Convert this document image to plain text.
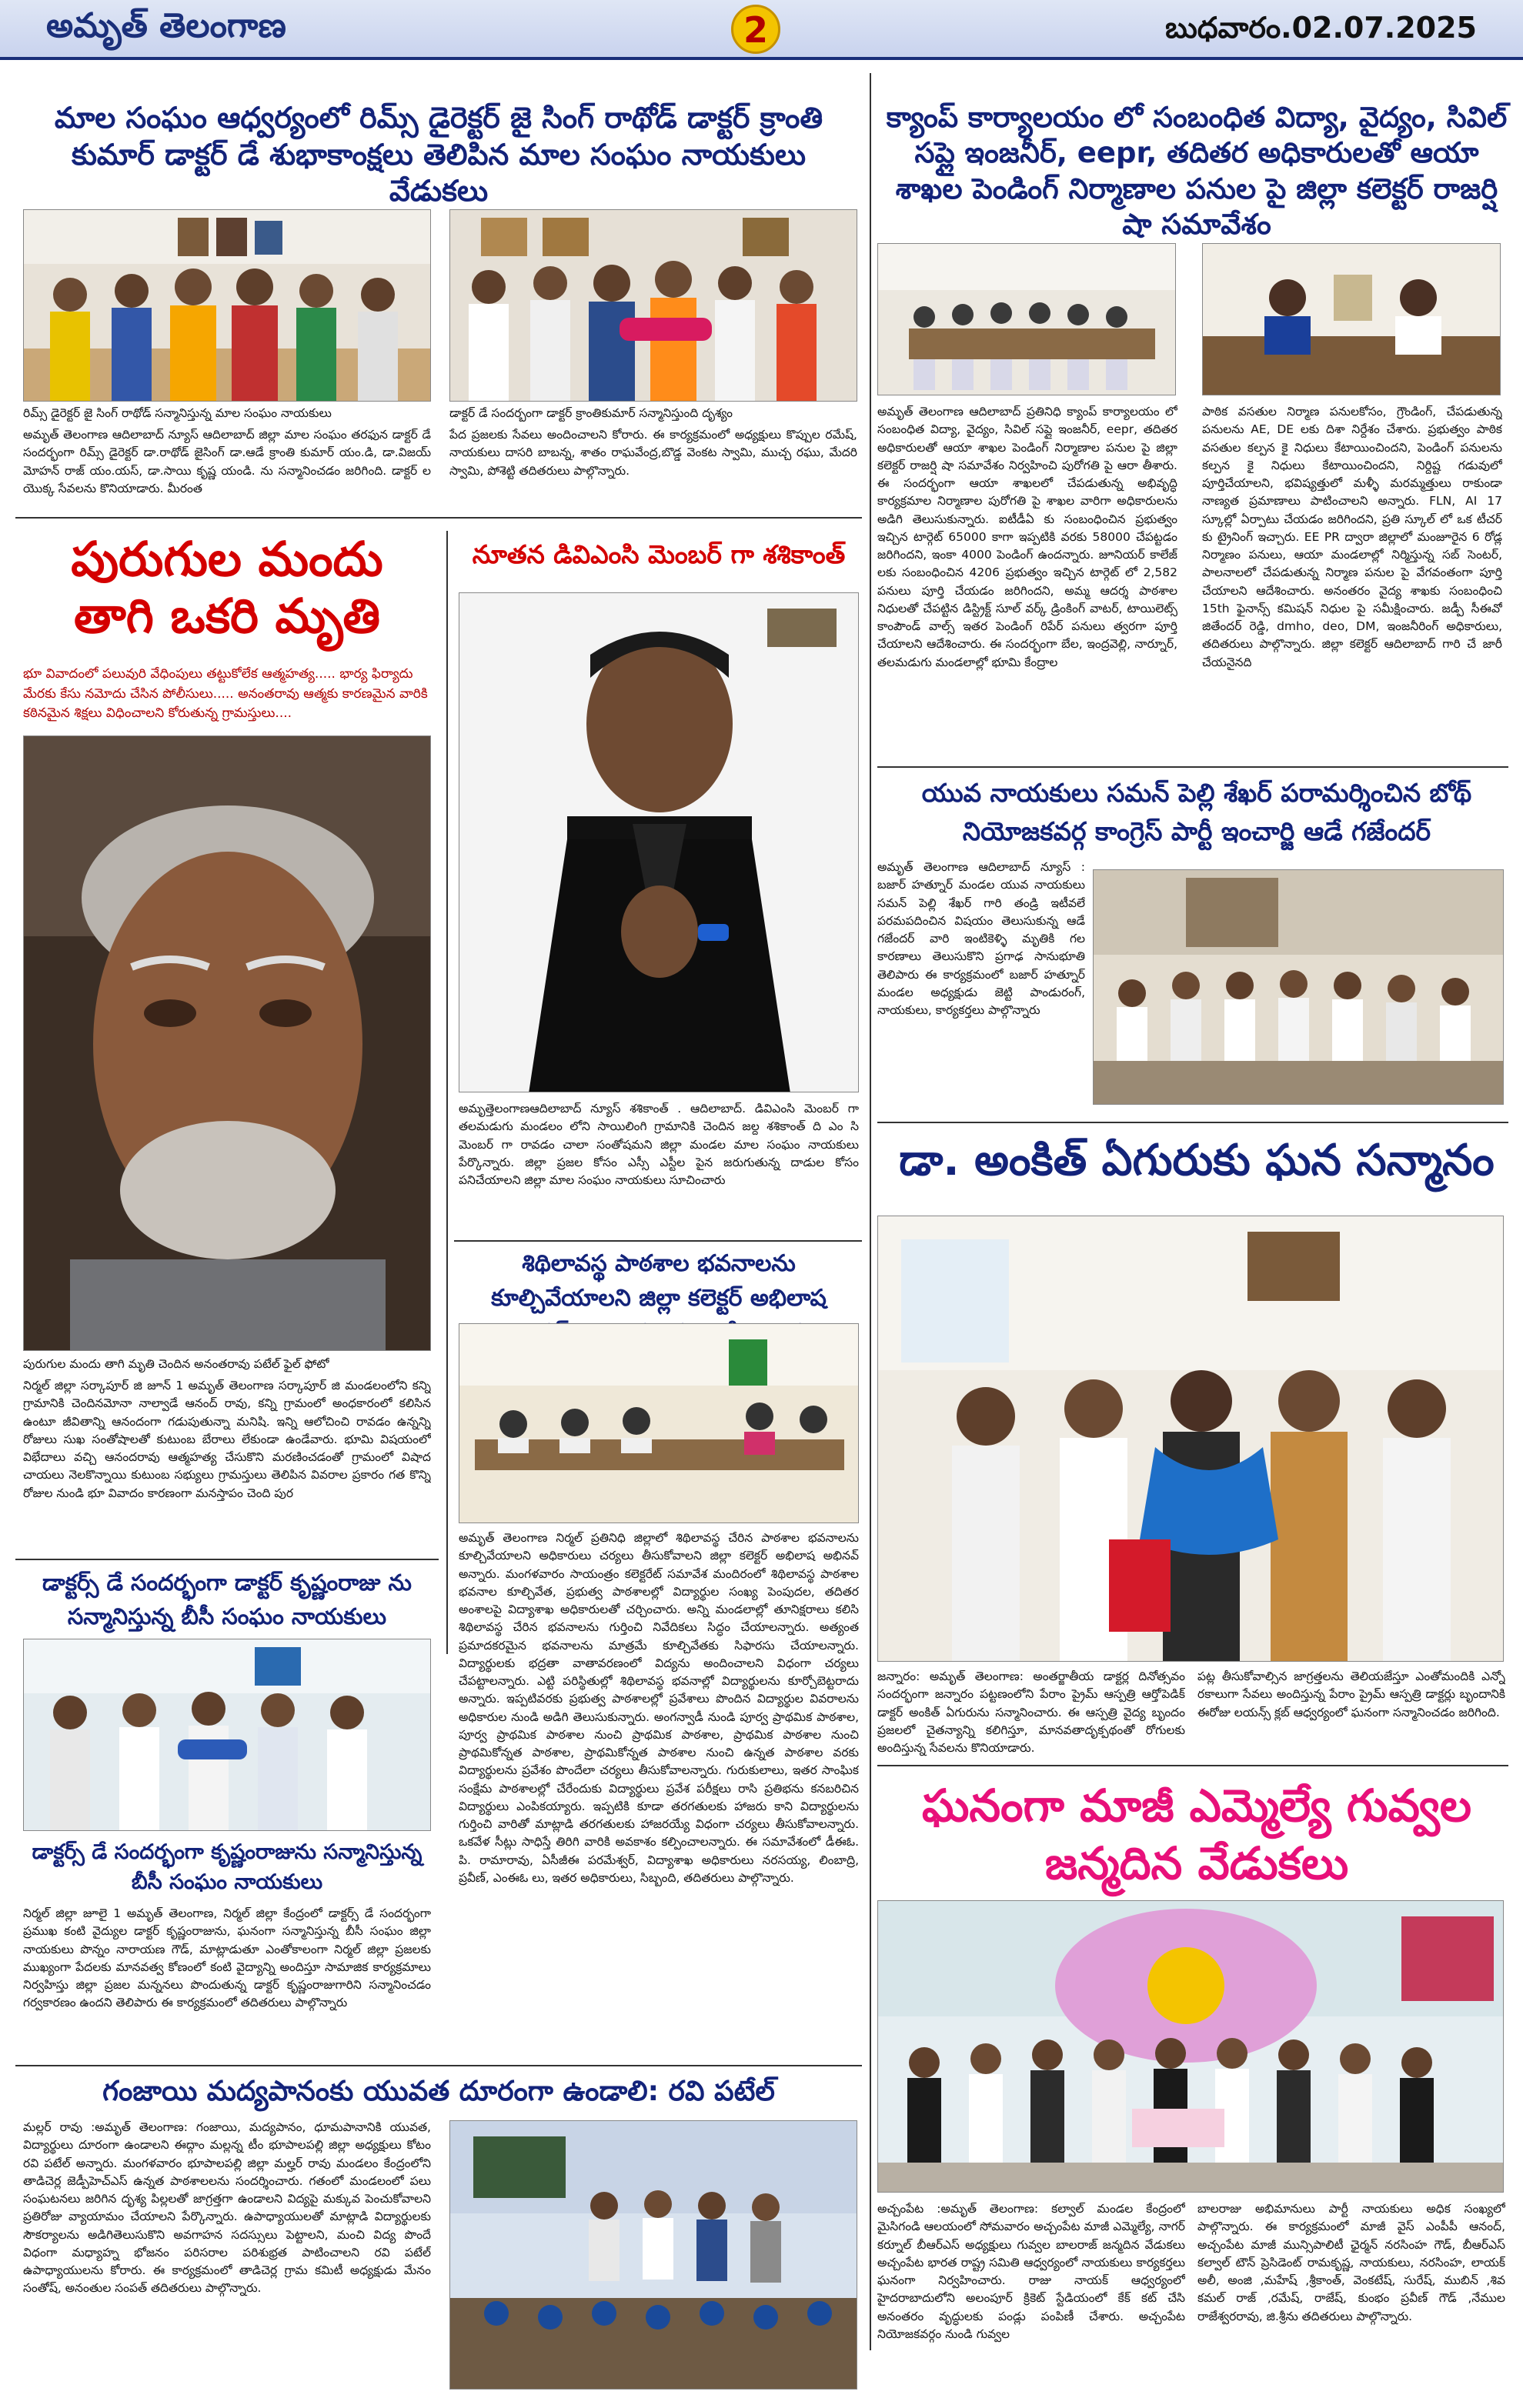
అమృత్ తెలంగాణ	2	బుధవారం.02.07.2025
మాల సంఘం ఆధ్వర్యంలో రిమ్స్ డైరెక్టర్ జై సింగ్ రాథోడ్ డాక్టర్ క్రాంతి కుమార్ డాక్టర్ డే శుభాకాంక్షలు తెలిపిన మాల సంఘం నాయకులు వేడుకలు
రిమ్స్ డైరెక్టర్ జై సింగ్ రాథోడ్ సన్మానిస్తున్న మాల సంఘం నాయకులు	డాక్టర్ డే సందర్భంగా డాక్టర్ క్రాంతికుమార్ సన్మానిస్తుంది దృశ్యం
అమృత్ తెలంగాణ ఆదిలాబాద్ న్యూస్ ఆదిలాబాద్ జిల్లా మాల సంఘం తరఫున డాక్టర్ డే సందర్భంగా రిమ్స్ డైరెక్టర్ డా.రాథోడ్ జైసింగ్ డా.ఆడే క్రాంతి కుమార్ యం.డి, డా.విజయ్ మోహన్ రాజ్ యం.యస్, డా.సాయి కృష్ణ యండి. ను సన్మానించడం జరిగింది. డాక్టర్ ల యొక్క సేవలను కొనియాడారు. మీరంత
పేద ప్రజలకు సేవలు అందించాలని కోరారు. ఈ కార్యక్రమంలో అధ్యక్షులు కొప్పుల రమేష్, నాయకులు దాసరి బాబన్న, శాతం రాఘవేంద్ర,బొడ్డ వెంకట స్వామి, ముచ్చ రఘు, మేదరి స్వామి, పోశెట్టి తదితరులు పాల్గొన్నారు.
క్యాంప్ కార్యాలయం లో సంబంధిత విద్యా, వైద్యం, సివిల్ సప్లై ఇంజనీర్, eepr, తదితర అధికారులతో ఆయా శాఖల పెండింగ్ నిర్మాణాల పనుల పై జిల్లా కలెక్టర్ రాజర్షి షా సమావేశం
అమృత్ తెలంగాణ ఆదిలాబాద్ ప్రతినిధి క్యాంప్ కార్యాలయం లో సంబంధిత విద్యా, వైద్యం, సివిల్ సప్లై ఇంజనీర్, eepr, తదితర అధికారులతో ఆయా శాఖల పెండింగ్ నిర్మాణాల పనుల పై జిల్లా కలెక్టర్ రాజర్షి షా సమావేశం నిర్వహించి పురోగతి పై ఆరా తీశారు. ఈ సందర్భంగా ఆయా శాఖలలో చేపడుతున్న అభివృద్ధి కార్యక్రమాల నిర్మాణాల పురోగతి పై శాఖల వారిగా అధికారులను అడిగి తెలుసుకున్నారు. ఐటీడీఏ కు సంబంధించిన ప్రభుత్వం ఇచ్చిన టార్గెట్ 65000 కాగా ఇప్పటికి వరకు 58000 చేపట్టడం జరిగిందని, ఇంకా 4000 పెండింగ్ ఉందన్నారు. జూనియర్ కాలేజ్ లకు సంబంధించిన 4206 ప్రభుత్వం ఇచ్చిన టార్గెట్ లో 2,582 పనులు పూర్తి చేయడం జరిగిందని, అమ్మ ఆదర్శ పాఠశాల నిధులతో చేపట్టిన డిస్ట్రిక్ట్ సూల్ వర్క్ డ్రింకింగ్ వాటర్, టాయిలెట్స్ కాంపౌండ్ వాల్స్ ఇతర పెండింగ్ రిపేర్ పనులు త్వరగా పూర్తి చేయాలని ఆదేశించారు. ఈ సందర్భంగా బేల, ఇంద్రవెల్లి, నార్నూర్, తలమడుగు మండలాల్లో భూమి కేంద్రాల
పాఠిక వసతుల నిర్మాణ పనులకోసం, గ్రౌండింగ్, చేపడుతున్న పనులను AE, DE లకు దిశా నిర్దేశం చేశారు. ప్రభుత్వం పాఠిక వసతుల కల్పన కై నిధులు కేటాయించిందని, పెండింగ్ పనులను కల్పన కై నిధులు కేటాయించిందని, నిర్దిష్ట గడువులో పూర్తిచేయాలని, భవిష్యత్తులో మళ్ళీ మరమ్మత్తులు రాకుండా నాణ్యత ప్రమాణాలు పాటించాలని అన్నారు. FLN, AI 17 స్కూల్లో ఏర్పాటు చేయడం జరిగిందని, ప్రతి స్కూల్ లో ఒక టీచర్ కు ట్రైనింగ్ ఇచ్చారు. EE PR ద్వారా జిల్లాలో మంజూరైన 6 రోడ్ల నిర్మాణం పనులు, ఆయా మండలాల్లో నిర్మిస్తున్న సబ్ సెంటర్, పాలనాలలో చేపడుతున్న నిర్మాణ పనుల పై వేగవంతంగా పూర్తి చేయాలని ఆదేశించారు. అనంతరం వైద్య శాఖకు సంబంధించి 15th ఫైనాన్స్ కమిషన్ నిధుల పై సమీక్షించారు. జడ్పీ సీఈవో జితేందర్ రెడ్డి, dmho, deo, DM, ఇంజనీరింగ్ అధికారులు, తదితరులు పాల్గొన్నారు. జిల్లా కలెక్టర్ ఆదిలాబాద్ గారి చే జారీ చేయనైనది
పురుగుల మందు తాగి ఒకరి మృతి
భూ వివాదంలో పలువురి వేధింపులు తట్టుకోలేక ఆత్మహత్య..... భార్య ఫిర్యాదు మేరకు కేసు నమోదు చేసిన పోలీసులు..... అనంతరావు ఆత్మకు కారణమైన వారికి కఠినమైన శిక్షలు విధించాలని కోరుతున్న గ్రామస్తులు....
పురుగుల మందు తాగి మృతి చెందిన అనంతరావు పటేల్ ఫైల్ ఫోటో
నిర్మల్ జిల్లా సర్కాపూర్ జి జూన్ 1 అమృత్ తెలంగాణ సర్కాపూర్ జి మండలంలోని కన్ని గ్రామానికి చెందినమోనా నాల్వాడే ఆనంద్ రావు, కన్ని గ్రామంలో అంధకారంలో కలిసిన ఉంటూ జీవితాన్ని ఆనందంగా గడుపుతున్నా మనిషి. ఇన్ని ఆలోచించి రావడం ఉన్నన్ని రోజులు సుఖ సంతోషాలతో కుటుంబ బేరాలు లేకుండా ఉండేవారు. భూమి విషయంలో విభేదాలు వచ్చి ఆనందరావు ఆత్మహత్య చేసుకొని మరణించడంతో గ్రామంలో విషాద చాయలు నెలకొన్నాయి కుటుంబ సభ్యులు గ్రామస్తులు తెలిపిన వివరాల ప్రకారం గత కొన్ని రోజుల నుండి భూ వివాదం కారణంగా మనస్తాపం చెంది పుర
నూతన డివిఎంసి మెంబర్ గా శశికాంత్
అమృత్తెలంగాణఆదిలాబాద్ న్యూస్ శశికాంత్ . ఆదిలాబాద్. డివిఎంసి మెంబర్ గా తలమడుగు మండలం లోని సాయిలింగి గ్రామానికి చెందిన జల్ద శశికాంత్ ది ఎం సి మెంబర్ గా రావడం చాలా సంతోషమని జిల్లా మండల మాల సంఘం నాయకులు పేర్కొన్నారు. జిల్లా ప్రజల కోసం ఎస్సీ ఎస్టీల పైన జరుగుతున్న దాడుల కోసం పనిచేయాలని జిల్లా మాల సంఘం నాయకులు సూచించారు
శిథిలావస్థ పాఠశాల భవనాలను కూల్చివేయాలని జిల్లా కలెక్టర్ అభిలాష
అమృత్ తెలంగాణ నిర్మల్ ప్రతినిధి జిల్లాలో శిథిలావస్థ చేరిన పాఠశాల భవనాలను కూల్చివేయాలని అధికారులు చర్యలు తీసుకోవాలని జిల్లా కలెక్టర్ అభిలాష అభినవ్ అన్నారు. మంగళవారం సాయంత్రం కలెక్టరేట్ సమావేశ మందిరంలో శిథిలావస్థ పాఠశాల భవనాల కూల్చివేత, ప్రభుత్వ పాఠశాలల్లో విద్యార్థుల సంఖ్య పెంపుదల, తదితర అంశాలపై విద్యాశాఖ అధికారులతో చర్చించారు. అన్ని మండలాల్లో తూనిక్షరాలు కలిసి శిథిలావస్థ చేరిన భవనాలను గుర్తించి నివేదికలు సిద్ధం చేయాలన్నారు. అత్యంత ప్రమాదకరమైన భవనాలను మాత్రమే కూల్చివేతకు సిఫారసు చేయాలన్నారు. విద్యార్థులకు భద్రతా వాతావరణంలో విద్యను అందించాలని విధంగా చర్యలు చేపట్టాలన్నారు. ఎట్టి పరిస్థితుల్లో శిథిలావస్థ భవనాల్లో విద్యార్థులను కూర్చోబెట్టరాదు అన్నారు. ఇప్పటివరకు ప్రభుత్వ పాఠశాలల్లో ప్రవేశాలు పొందిన విద్యార్థుల వివరాలను అధికారుల నుండి అడిగి తెలుసుకున్నారు. అంగన్వాడీ నుండి పూర్వ ప్రాథమిక పాఠశాల, పూర్వ ప్రాథమిక పాఠశాల నుంచి ప్రాథమిక పాఠశాల, ప్రాథమిక పాఠశాల నుంచి ప్రాథమికోన్నత పాఠశాల, ప్రాథమికోన్నత పాఠశాల నుంచి ఉన్నత పాఠశాల వరకు విద్యార్థులను ప్రవేశం పొందేలా చర్యలు తీసుకోవాలన్నారు. గురుకులాలు, ఇతర సాంఘిక సంక్షేమ పాఠశాలల్లో చేరేందుకు విద్యార్థులు ప్రవేశ పరీక్షలు రాసి ప్రతిభను కనబరిచిన విద్యార్థులు ఎంపికయ్యారు. ఇప్పటికి కూడా తరగతులకు హాజరు కాని విద్యార్థులను గుర్తించి వారితో మాట్లాడి తరగతులకు హాజరయ్యే విధంగా చర్యలు తీసుకోవాలన్నారు. ఒకవేళ సీట్లు సాధిస్తే తిరిగి వారికి అవకాశం కల్పించాలన్నారు. ఈ సమావేశంలో డీఈఓ. పి. రామారావు, ఏసీజీఈ పరమేశ్వర్, విద్యాశాఖ అధికారులు నరసయ్య, లింబాద్రి, ప్రవీణ్, ఎంఈఓ లు, ఇతర అధికారులు, సిబ్బంది, తదితరులు పాల్గొన్నారు.
డాక్టర్స్ డే సందర్భంగా డాక్టర్ కృష్ణంరాజు ను సన్మానిస్తున్న బీసీ సంఘం నాయకులు
డాక్టర్స్ డే సందర్భంగా కృష్ణంరాజును సన్మానిస్తున్న బీసీ సంఘం నాయకులు
నిర్మల్ జిల్లా జూలై 1 అమృత్ తెలంగాణ, నిర్మల్ జిల్లా కేంద్రంలో డాక్టర్స్ డే సందర్భంగా ప్రముఖ కంటి వైద్యుల డాక్టర్ కృష్ణంరాజును, ఘనంగా సన్మానిస్తున్న బీసీ సంఘం జిల్లా నాయకులు పొన్నం నారాయణ గౌడ్, మాట్లాడుతూ ఎంతోకాలంగా నిర్మల్ జిల్లా ప్రజలకు ముఖ్యంగా పేదలకు మానవత్వ కోణంలో కంటి వైద్యాన్ని అందిస్తూ సామాజిక కార్యక్రమాలు నిర్వహిస్తు జిల్లా ప్రజల మన్ననలు పొందుతున్న డాక్టర్ కృష్ణంరాజుగారిని సన్మానించడం గర్వకారణం ఉందని తెలిపారు ఈ కార్యక్రమంలో తదితరులు పాల్గొన్నారు
గంజాయి మద్యపానంకు యువత దూరంగా ఉండాలి: రవి పటేల్
మల్లర్ రావు :అమృత్ తెలంగాణ: గంజాయి, మద్యపానం, ధూమపానానికి యువత, విద్యార్థులు దూరంగా ఉండాలని ఈద్గాం మల్లన్న టీం భూపాలపల్లి జిల్లా అధ్యక్షులు కోటం రవి పటేల్ అన్నారు. మంగళవారం భూపాలపల్లి జిల్లా మల్హర్ రావు మండలం కేంద్రంలోని తాడిచెర్ల జెడ్పీహెచ్ఎస్ ఉన్నత పాఠశాలలను సందర్శించారు. గతంలో మండలంలో పలు సంఘటనలు జరిగిన దృశ్య పిల్లలతో జాగ్రత్తగా ఉండాలని విద్యపై మక్కువ పెంచుకోవాలని ప్రతిరోజు వ్యాయామం చేయాలని పేర్కొన్నారు. ఉపాధ్యాయులతో మాట్లాడి విద్యార్థులకు సౌకర్యాలను అడిగితెలుసుకొని అవగాహన సదస్సులు పెట్టాలని, మంచి విద్య పొందే విధంగా మధ్యాహ్న భోజనం పరిసరాల పరిశుభ్రత పాటించాలని రవి పటేల్ ఉపాధ్యాయులను కోరారు. ఈ కార్యక్రమంలో తాడిచెర్ల గ్రామ కమిటీ అధ్యక్షుడు మేనం సంతోష్, అనంతుల సంపత్ తదితరులు పాల్గొన్నారు.
యువ నాయకులు సమన్ పెల్లి శేఖర్ పరామర్శించిన బోథ్ నియోజకవర్గ కాంగ్రెస్ పార్టీ ఇంచార్జి ఆడే గజేందర్
అమృత్ తెలంగాణ ఆదిలాబాద్ న్యూస్ : బజార్ హత్నూర్ మండల యువ నాయకులు సమన్ పెల్లి శేఖర్ గారి తండ్రి ఇటీవలే పరమపదించిన విషయం తెలుసుకున్న ఆడే గజేందర్ వారి ఇంటికెళ్ళి మృతికి గల కారణాలు తెలుసుకొని ప్రగాఢ సానుభూతి తెలిపారు ఈ కార్యక్రమంలో బజార్ హత్నూర్ మండల అధ్యక్షుడు జెట్టి పాండురంగ్, నాయకులు, కార్యకర్తలు పాల్గొన్నారు
డా. అంకిత్ ఏగురుకు ఘన సన్మానం
జన్నారం: అమృత్ తెలంగాణ: అంతర్జాతీయ డాక్టర్ల దినోత్సవం సందర్భంగా జన్నారం పట్టణంలోని పేరాం ప్రైమ్ ఆస్పత్రి ఆర్తోపెడిక్ డాక్టర్ అంకిత్ ఏగురును సన్మానించారు. ఈ ఆస్పత్రి వైద్య బృందం ప్రజలలో చైతన్యాన్ని కలిగిస్తూ, మానవతాదృక్పథంతో రోగులకు అందిస్తున్న సేవలను కొనియాడారు.
పట్ల తీసుకోవాల్సిన జాగ్రత్తలను తెలియజేస్తూ ఎంతోమందికి ఎన్నో రకాలుగా సేవలు అందిస్తున్న పేరాం ప్రైమ్ ఆస్పత్రి డాక్టర్లు బృందానికి ఈరోజు లయన్స్ క్లబ్ ఆధ్వర్యంలో ఘనంగా సన్మానించడం జరిగింది.
ఘనంగా మాజీ ఎమ్మెల్యే గువ్వల జన్మదిన వేడుకలు
అచ్చంపేట :అమృత్ తెలంగాణ: కల్వాల్ మండల కేంద్రంలో మైసిగండి ఆలయంలో సోమవారం అచ్చంపేట మాజీ ఎమ్మెల్యే, నాగర్ కర్నూల్ బీఆర్ఎస్ అధ్యక్షులు గువ్వల బాలరాజ్ జన్మదిన వేడుకలు అచ్చంపేట భారత రాష్ట్ర సమితి ఆధ్వర్యంలో నాయకులు కార్యకర్తలు ఘనంగా నిర్వహించారు. రాజు నాయక్ ఆధ్వర్యంలో హైదరాబాదులోని అలంపూర్ క్రికెట్ స్టేడియంలో కేక్ కట్ చేసి అనంతరం వృద్ధులకు పండ్లు పంపిణీ చేశారు. అచ్చంపేట నియోజకవర్గం నుండి గువ్వల
బాలరాజు అభిమానులు పార్టీ నాయకులు అధిక సంఖ్యలో పాల్గొన్నారు. ఈ కార్యక్రమంలో మాజీ వైస్ ఎంపీపీ ఆనంద్, అచ్చంపేట మాజీ మున్సిపాలిటీ ఛైర్మన్ నరసింహ గౌడ్, బీఆర్ఎస్ కల్వాల్ టౌన్ ప్రెసిడెంట్ రామకృష్ణ, నాయకులు, నరసింహ, లాయక్ అలీ, అంజి ,మహేష్ ,శ్రీకాంత్, వెంకటేష్, సురేష్, ముబిన్ ,శివ కమల్ రాజ్ ,రమేష్, రాజేష్, కుంభం ప్రవీణ్ గౌడ్ ,నేముల రాజేశ్వరరావు, జి.శ్రీను తదితరులు పాల్గొన్నారు.
